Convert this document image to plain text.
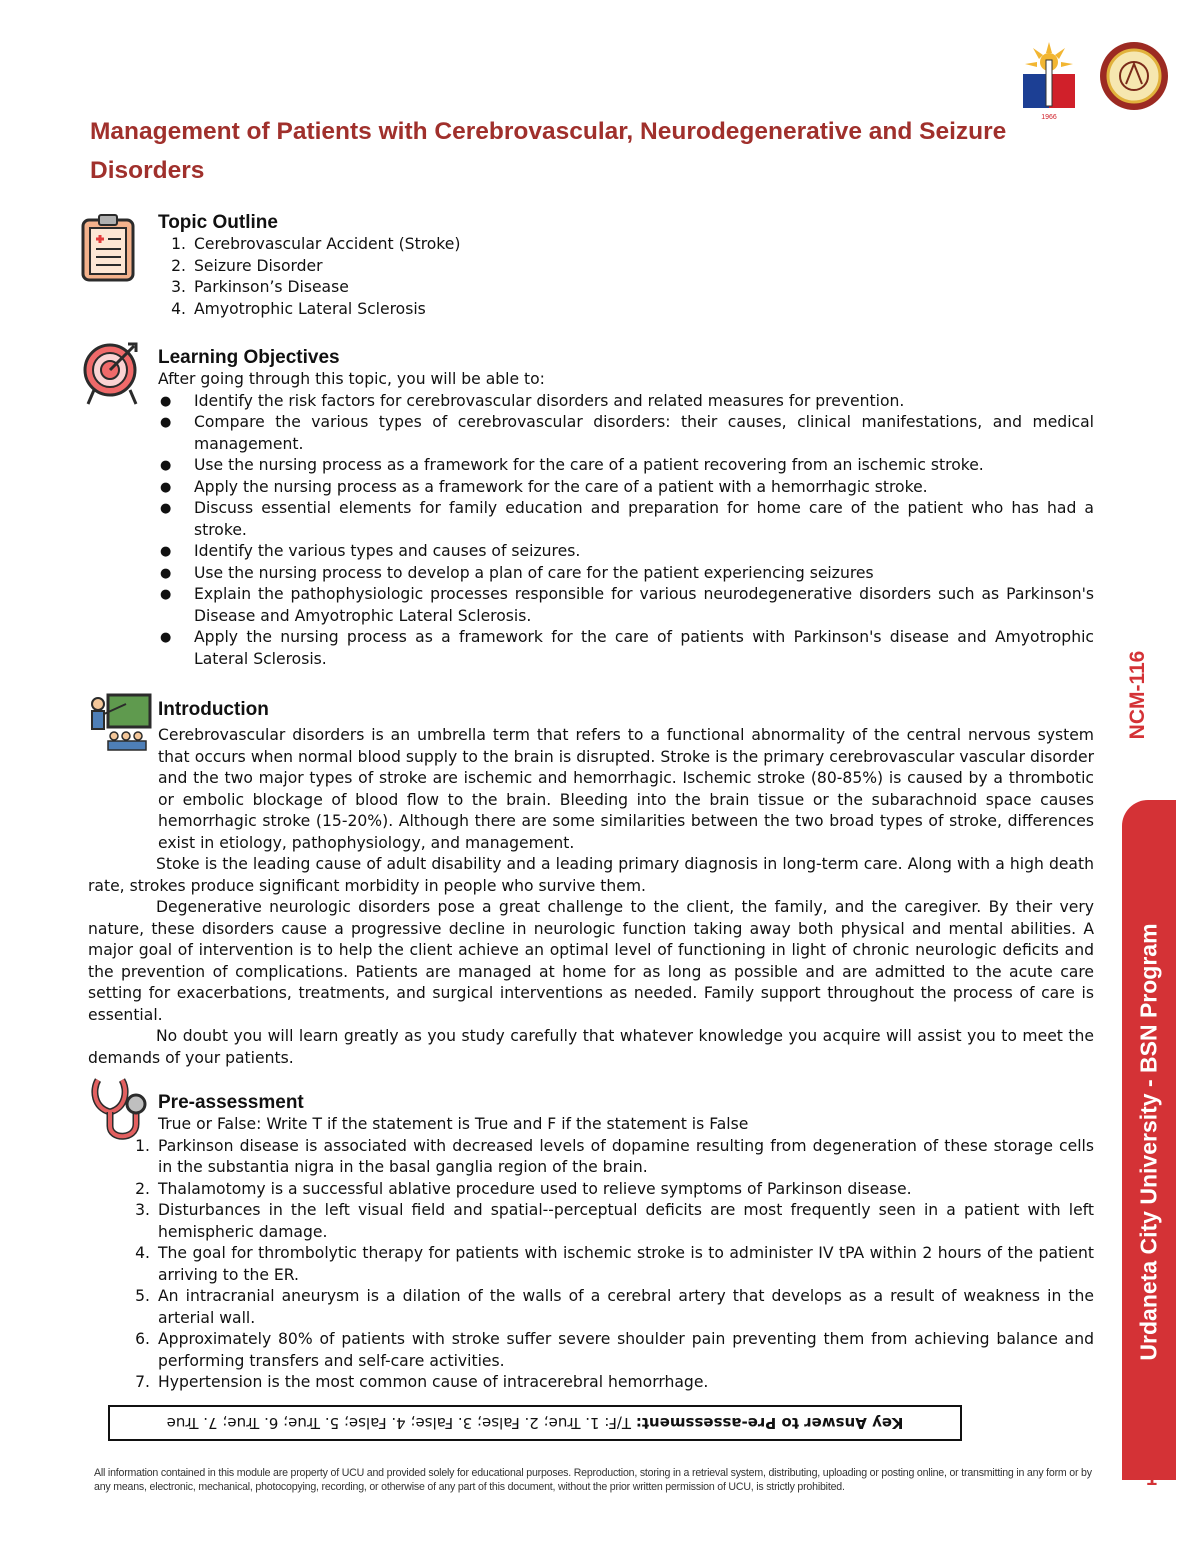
1966
Management of Patients with Cerebrovascular, Neurodegenerative and Seizure Disorders
Topic Outline
1. Cerebrovascular Accident (Stroke)
2. Seizure Disorder
3. Parkinson’s Disease
4. Amyotrophic Lateral Sclerosis
Learning Objectives
After going through this topic, you will be able to:
● Identify the risk factors for cerebrovascular disorders and related measures for prevention.
● Compare the various types of cerebrovascular disorders: their causes, clinical manifestations, and medical management.
● Use the nursing process as a framework for the care of a patient recovering from an ischemic stroke.
● Apply the nursing process as a framework for the care of a patient with a hemorrhagic stroke.
● Discuss essential elements for family education and preparation for home care of the patient who has had a stroke.
● Identify the various types and causes of seizures.
● Use the nursing process to develop a plan of care for the patient experiencing seizures
● Explain the pathophysiologic processes responsible for various neurodegenerative disorders such as Parkinson's Disease and Amyotrophic Lateral Sclerosis.
● Apply the nursing process as a framework for the care of patients with Parkinson's disease and Amyotrophic Lateral Sclerosis.
Introduction
Cerebrovascular disorders is an umbrella term that refers to a functional abnormality of the central nervous system that occurs when normal blood supply to the brain is disrupted. Stroke is the primary cerebrovascular vascular disorder and the two major types of stroke are ischemic and hemorrhagic. Ischemic stroke (80-85%) is caused by a thrombotic or embolic blockage of blood flow to the brain. Bleeding into the brain tissue or the subarachnoid space causes hemorrhagic stroke (15-20%). Although there are some similarities between the two broad types of stroke, differences exist in etiology, pathophysiology, and management.
Stoke is the leading cause of adult disability and a leading primary diagnosis in long-term care. Along with a high death rate, strokes produce significant morbidity in people who survive them.
Degenerative neurologic disorders pose a great challenge to the client, the family, and the caregiver. By their very nature, these disorders cause a progressive decline in neurologic function taking away both physical and mental abilities. A major goal of intervention is to help the client achieve an optimal level of functioning in light of chronic neurologic deficits and the prevention of complications. Patients are managed at home for as long as possible and are admitted to the acute care setting for exacerbations, treatments, and surgical interventions as needed. Family support throughout the process of care is essential.
No doubt you will learn greatly as you study carefully that whatever knowledge you acquire will assist you to meet the demands of your patients.
Pre-assessment
True or False: Write T if the statement is True and F if the statement is False
1. Parkinson disease is associated with decreased levels of dopamine resulting from degeneration of these storage cells in the substantia nigra in the basal ganglia region of the brain.
2. Thalamotomy is a successful ablative procedure used to relieve symptoms of Parkinson disease.
3. Disturbances in the left visual field and spatial--perceptual deficits are most frequently seen in a patient with left hemispheric damage.
4. The goal for thrombolytic therapy for patients with ischemic stroke is to administer IV tPA within 2 hours of the patient arriving to the ER.
5. An intracranial aneurysm is a dilation of the walls of a cerebral artery that develops as a result of weakness in the arterial wall.
6. Approximately 80% of patients with stroke suffer severe shoulder pain preventing them from achieving balance and performing transfers and self-care activities.
7. Hypertension is the most common cause of intracerebral hemorrhage.
Key Answer to Pre-assessment: T/F: 1. True; 2. False; 3. False; 4. False; 5. True; 6. True; 7. True
NCM-116
Urdaneta City University - BSN Program
1
All information contained in this module are property of UCU and provided solely for educational purposes. Reproduction, storing in a retrieval system, distributing, uploading or posting online, or transmitting in any form or by any means, electronic, mechanical, photocopying, recording, or otherwise of any part of this document, without the prior written permission of UCU, is strictly prohibited.
